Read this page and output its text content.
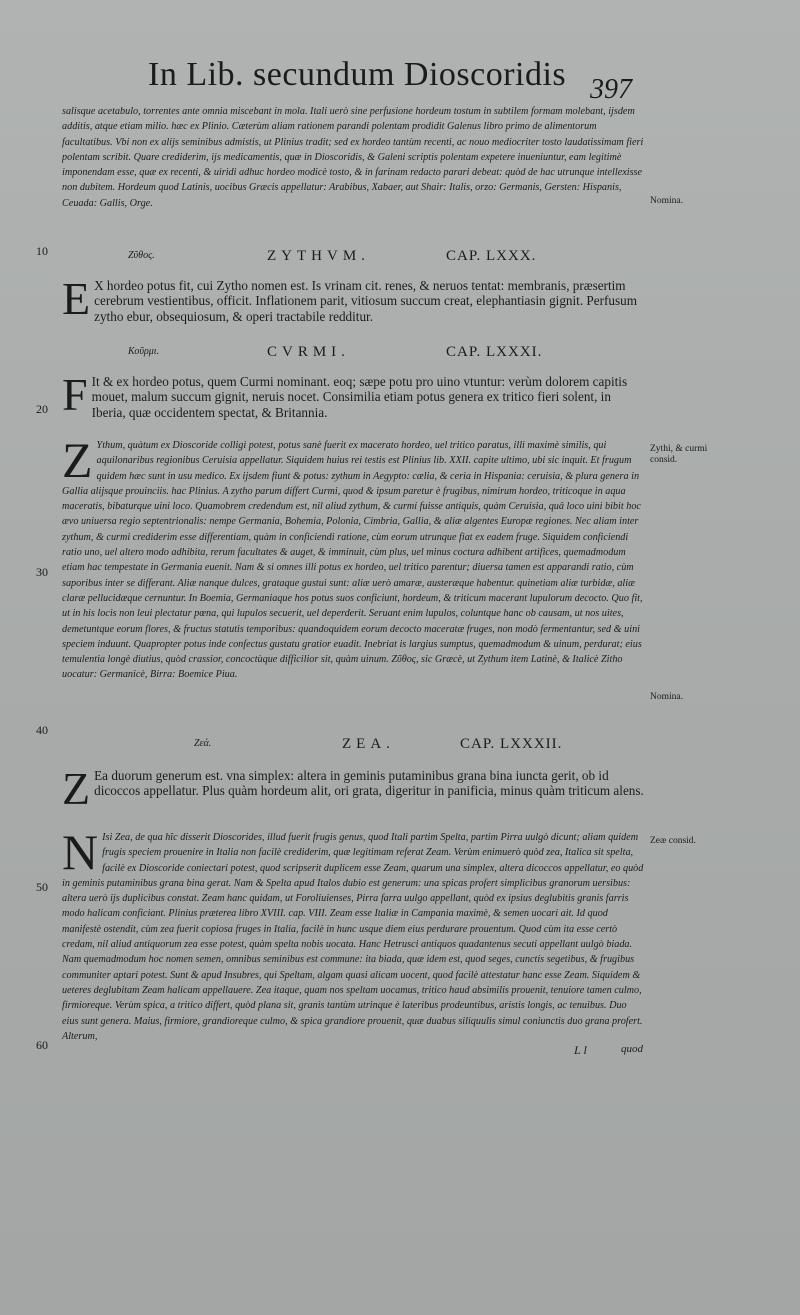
In Lib. secundum Dioscoridis 397
10
20
30
40
50
60
salisque acetabulo, torrentes ante omnia miscebant in mola. Itali uerò sine perfusione hordeum tostum in subtilem formam molebant, ijsdem additis, atque etiam milio. hæc ex Plinio. Cæterùm aliam rationem parandi polentam prodidit Galenus libro primo de alimentorum facultatibus. Vbi non ex alijs seminibus admistis, ut Plinius tradit; sed ex hordeo tantùm recenti, ac nouo mediocriter tosto laudatissimam fieri polentam scribit. Quare crediderim, ijs medicamentis, quæ in Dioscoridis, & Galeni scriptis polentam expetere inueniuntur, eam legitimè imponendam esse, quæ ex recenti, & uiridi adhuc hordeo modicè tosto, & in farinam redacto parari debeat: quòd de hac utrunque intellexisse non dubitem. Hordeum quod Latinis, uocibus Græcis appellatur: Arabibus, Xabaer, aut Shair: Italis, orzo: Germanis, Gersten: Hispanis, Ceuada: Gallis, Orge.	Nomina.
Ζῦθος.	ZYTHVM.	CAP. LXXX.
E X hordeo potus fit, cui Zytho nomen est. Is vrinam cit. renes, & neruos tentat: membranis, præsertim cerebrum vestientibus, officit. Inflationem parit, vitiosum succum creat, elephantiasin gignit. Perfusum zytho ebur, obsequiosum, & operi tractabile redditur.
Κοῦρμι.	CVRMI.	CAP. LXXXI.
F It & ex hordeo potus, quem Curmi nominant. eoq; sæpe potu pro uino vtuntur: verùm dolorem capitis mouet, malum succum gignit, neruis nocet. Consimilia etiam potus genera ex tritico fieri solent, in Iberia, quæ occidentem spectat, & Britannia.
Z Ythum, quàtum ex Dioscoride colligi potest, potus sanè fuerit ex macerato hordeo, uel tritico paratus, illi maximè similis, qui aquilonaribus regionibus Ceruisia appellatur. Siquidem huius rei testis est Plinius lib. XXII. capite ultimo, ubi sic inquit. Et frugum quidem hæc sunt in usu medico. Ex ijsdem fiunt & potus: zythum in Aegypto: cælia, & ceria in Hispania: ceruisia, & plura genera in Gallia alijsque prouinciis. hac Plinius. A zytho parum differt Curmi, quod & ipsum paretur è frugibus, nimirum hordeo, triticoque in aqua maceratis, bibaturque uini loco. Quamobrem credendum est, nil aliud zythum, & curmi fuisse antiquis, quàm Ceruisia, quâ loco uini bibit hoc ævo uniuersa regio septentrionalis: nempe Germania, Bohemia, Polonia, Cimbria, Gallia, & aliæ algentes Europæ regiones. Nec aliam inter zythum, & curmi crediderim esse differentiam, quàm in conficiendi ratione, cùm eorum utrunque fiat ex eadem fruge. Siquidem conficiendi ratio uno, uel altero modo adhibita, rerum facultates & auget, & imminuit, cùm plus, uel minus coctura adhibent artifices, quemadmodum etiam hac tempestate in Germania euenit. Nam & si omnes illi potus ex hordeo, uel tritico parentur; diuersa tamen est apparandi ratio, cùm saporibus inter se differant. Aliæ nanque dulces, grataque gustui sunt: aliæ uerò amaræ, austeræque habentur. quinetiam aliæ turbidæ, aliæ claræ pellucidæque cernuntur. In Boemia, Germaniaque hos potus suos conficiunt, hordeum, & triticum macerant lupulorum decocto. Quo fit, ut in his locis non leui plectatur pœna, qui lupulos secuerit, uel deperderit. Seruant enim lupulos, coluntque hanc ob causam, ut nos uites, demetuntque eorum flores, & fructus statutis temporibus: quandoquidem eorum decocto maceratæ fruges, non modò fermentantur, sed & uini speciem induunt. Quapropter potus inde confectus gustatu gratior euadit. Inebriat is largius sumptus, quemadmodum & uinum, perdurat; eius temulentia longè diutius, quòd crassior, concoctùque difficilior sit, quàm uinum. Ζῦθος, sic Græcè, ut Zythum item Latinè, & Italicè Zitho uocatur: Germanicè, Birra: Boemice Piua.
Zythi, & curmi consid.
Nomina.
Ζεά.	ZEA.	CAP. LXXXII.
Z Ea duorum generum est. vna simplex: altera in geminis putaminibus grana bina iuncta gerit, ob id dicoccos appellatur. Plus quàm hordeum alit, ori grata, digeritur in panificia, minus quàm triticum alens.
N Isi Zea, de qua hîc disserit Dioscorides, illud fuerit frugis genus, quod Itali partim Spelta, partim Pirra uulgò dicunt; aliam quidem frugis speciem prouenire in Italia non facilè crediderim, quæ legitimam referat Zeam. Verùm enimuerò quòd zea, Italica sit spelta, facilè ex Dioscoride coniectari potest, quod scripserit duplicem esse Zeam, quarum una simplex, altera dicoccos appellatur, eo quòd in geminis putaminibus grana bina gerat. Nam & Spelta apud Italos dubio est generum: una spicas profert simplicibus granorum uersibus: altera uerò ijs duplicibus constat. Zeam hanc quidam, ut Foroliuienses, Pirra farra uulgo appellant, quòd ex ipsius deglubitis granis farris modo halicam conficiant. Plinius præterea libro XVIII. cap. VIII. Zeam esse Italiæ in Campania maximè, & semen uocari ait. Id quod manifestè ostendit, cùm zea fuerit copiosa fruges in Italia, facilè in hunc usque diem eius perdurare prouentum. Quod cùm ita esse certò credam, nil aliud antiquorum zea esse potest, quàm spelta nobis uocata. Hanc Hetrusci antiquos quadantenus secuti appellant uulgò biada. Nam quemadmodum hoc nomen semen, omnibus seminibus est commune: ita biada, quæ idem est, quod seges, cunctis segetibus, & frugibus communiter aptari potest. Sunt & apud Insubres, qui Speltam, algam quasi alicam uocent, quod facilè attestatur hanc esse Zeam. Siquidem & ueteres deglubitam Zeam halicam appellauere. Zea itaque, quam nos speltam uocamus, tritico haud absimilis prouenit, tenuiore tamen culmo, firmioreque. Verùm spica, a tritico differt, quòd plana sit, granis tantùm utrinque è lateribus prodeuntibus, aristis longis, ac tenuibus. Duo eius sunt genera. Maius, firmiore, grandioreque culmo, & spica grandiore prouenit, quæ duabus siliquulis simul coniunctis duo grana profert. Alterum,
Zeæ consid.
L l	quod
